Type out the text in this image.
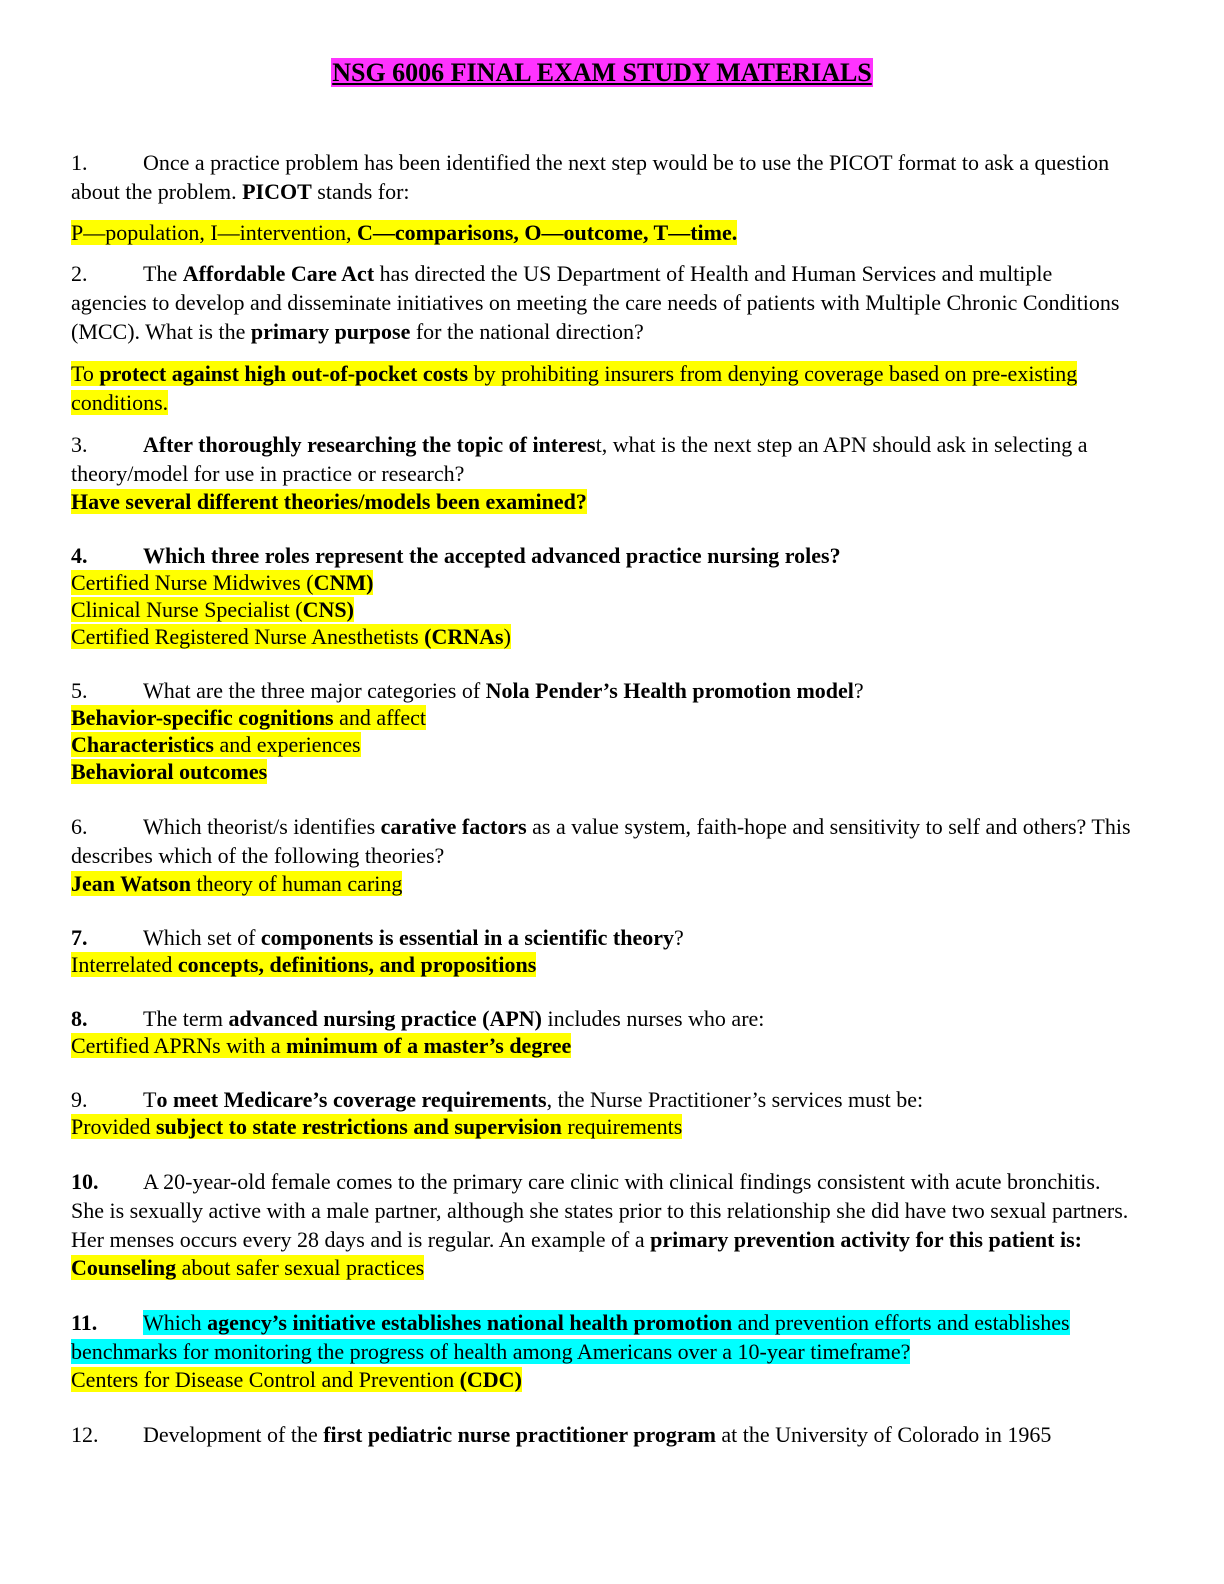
NSG 6006 FINAL EXAM STUDY MATERIALS

1.	Once a practice problem has been identified the next step would be to use the PICOT format to ask a question about the problem. PICOT stands for:

P—population, I—intervention, C—comparisons, O—outcome, T—time.

2.	The Affordable Care Act has directed the US Department of Health and Human Services and multiple agencies to develop and disseminate initiatives on meeting the care needs of patients with Multiple Chronic Conditions (MCC). What is the primary purpose for the national direction?

To protect against high out-of-pocket costs by prohibiting insurers from denying coverage based on pre-existing conditions.

3.	After thoroughly researching the topic of interest, what is the next step an APN should ask in selecting a theory/model for use in practice or research?

Have several different theories/models been examined?

4.	Which three roles represent the accepted advanced practice nursing roles?

Certified Nurse Midwives (CNM)

Clinical Nurse Specialist (CNS)

Certified Registered Nurse Anesthetists (CRNAs)

5.	What are the three major categories of Nola Pender’s Health promotion model?

Behavior-specific cognitions and affect

Characteristics and experiences

Behavioral outcomes

6.	Which theorist/s identifies carative factors as a value system, faith-hope and sensitivity to self and others? This describes which of the following theories?

Jean Watson theory of human caring

7.	Which set of components is essential in a scientific theory?

Interrelated concepts, definitions, and propositions

8.	The term advanced nursing practice (APN) includes nurses who are:

Certified APRNs with a minimum of a master’s degree

9.	To meet Medicare’s coverage requirements, the Nurse Practitioner’s services must be:

Provided subject to state restrictions and supervision requirements

10. A 20-year-old female comes to the primary care clinic with clinical findings consistent with acute bronchitis. She is sexually active with a male partner, although she states prior to this relationship she did have two sexual partners. Her menses occurs every 28 days and is regular. An example of a primary prevention activity for this patient is:

Counseling about safer sexual practices

11. Which agency’s initiative establishes national health promotion and prevention efforts and establishes benchmarks for monitoring the progress of health among Americans over a 10-year timeframe?

Centers for Disease Control and Prevention (CDC)

12. Development of the first pediatric nurse practitioner program at the University of Colorado in 1965
